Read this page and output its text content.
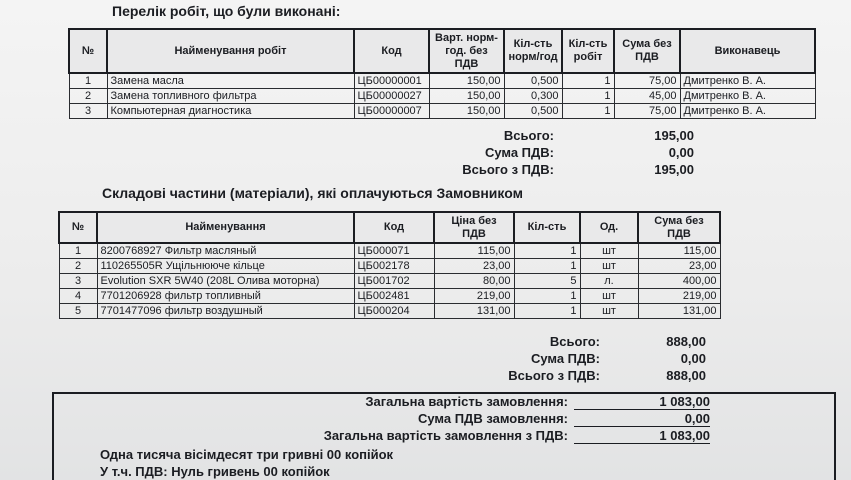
Перелік робіт, що були виконані:
№	Найменування робіт	Код	Варт. норм-год. без ПДВ	Кіл-сть норм/год	Кіл-сть робіт	Сума без ПДВ	Виконавець
1	Замена масла	ЦБ00000001	150,00	0,500	1	75,00	Дмитренко В. А.
2	Замена топливного фильтра	ЦБ00000027	150,00	0,300	1	45,00	Дмитренко В. А.
3	Компьютерная диагностика	ЦБ00000007	150,00	0,500	1	75,00	Дмитренко В. А.
Всього:	195,00
Сума ПДВ:	0,00
Всього з ПДВ:	195,00
Складові частини (матеріали), які оплачуються Замовником
№	Найменування	Код	Ціна без ПДВ	Кіл-сть	Од.	Сума без ПДВ
1	8200768927 Фильтр масляный	ЦБ000071	115,00	1	шт	115,00
2	110265505R Ущільнююче кільце	ЦБ002178	23,00	1	шт	23,00
3	Evolution SXR 5W40 (208L Олива моторна)	ЦБ001702	80,00	5	л.	400,00
4	7701206928 фильтр топливный	ЦБ002481	219,00	1	шт	219,00
5	7701477096 фильтр воздушный	ЦБ000204	131,00	1	шт	131,00
Всього:	888,00
Сума ПДВ:	0,00
Всього з ПДВ:	888,00
Загальна вартість замовлення:	1 083,00
Сума ПДВ замовлення:	0,00
Загальна вартість замовлення з ПДВ:	1 083,00
Одна тисяча вісімдесят три гривні 00 копійок
У т.ч. ПДВ: Нуль гривень 00 копійок
